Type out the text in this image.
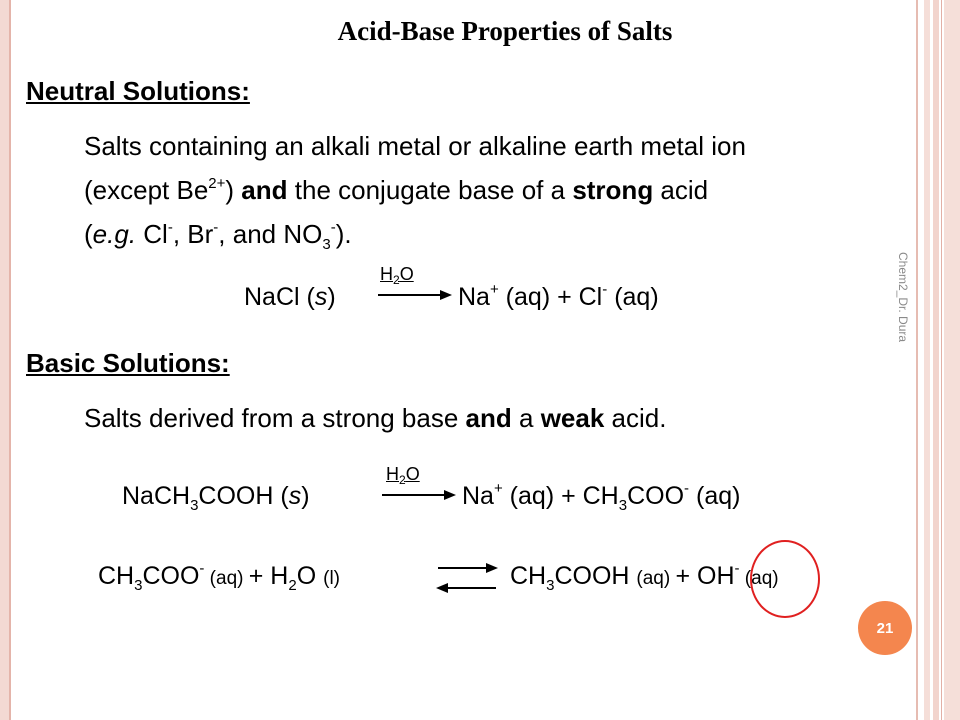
Acid-Base Properties of Salts
Neutral Solutions:
Salts containing an alkali metal or alkaline earth metal ion
(except $Be^{2+}$) and the conjugate base of a strong acid
(e.g. Cl-, Br-, and $NO_3^-$).
NaCl (s)
$H_2O$
Na+ (aq) + Cl- (aq)
Basic Solutions:
Salts derived from a strong base and a weak acid.
NaCH$_3$COOH (s)
$H_2O$
Na+ $(aq) + CH_3COO^-$ (aq)
$CH_3COO^-$ $(aq) + H_2O$ (l)	$CH_3COOH$ (aq) + OH- (aq)
Chem2_Dr. Dura
21
